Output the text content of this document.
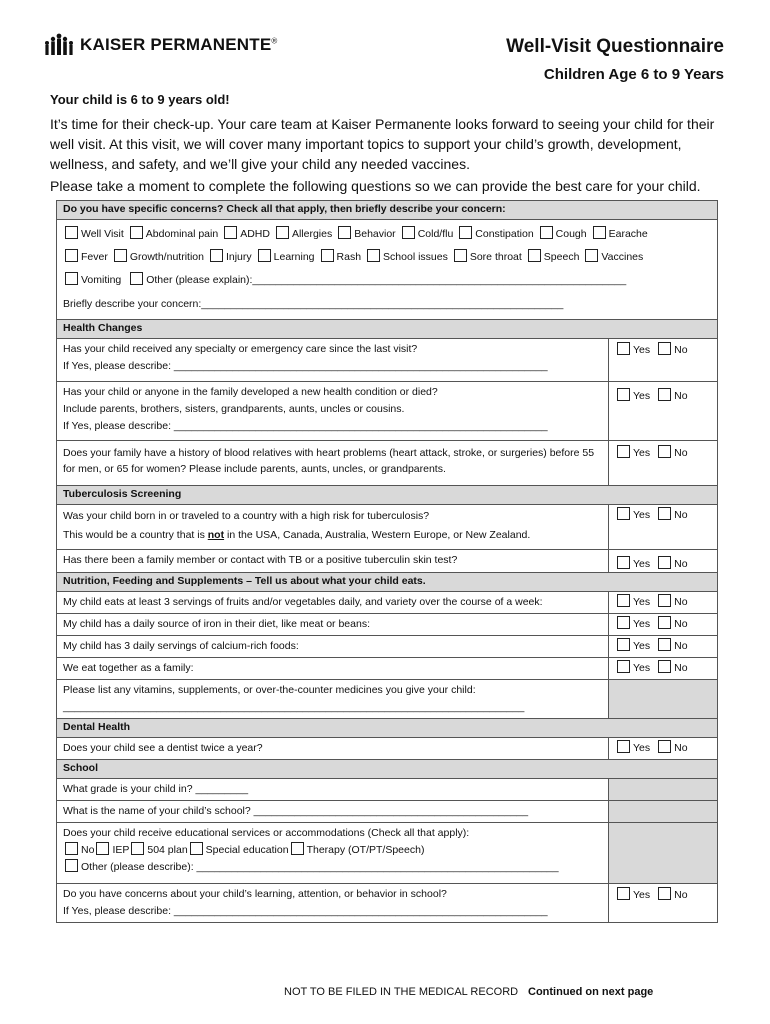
KAISER PERMANENTE®	Well-Visit Questionnaire
Children Age 6 to 9 Years
Your child is 6 to 9 years old!
It’s time for their check-up. Your care team at Kaiser Permanente looks forward to seeing your child for their well visit. At this visit, we will cover many important topics to support your child’s growth, development, wellness, and safety, and we’ll give your child any needed vaccines.
Please take a moment to complete the following questions so we can provide the best care for your child.
Do you have specific concerns? Check all that apply, then briefly describe your concern:	

Well Visit Abdominal pain ADHD Allergies Behavior Cold/flu Constipation Cough Earache
Fever Growth/nutrition Injury Learning Rash School issues Sore throat Speech Vaccines
Vomiting Other (please explain):________________________________________________________________
Briefly describe your concern:______________________________________________________________	

Health Changes	

Has your child received any specialty or emergency care since the last visit?
If Yes, please describe: ________________________________________________________________	Yes No

Has your child or anyone in the family developed a new health condition or died?
Include parents, brothers, sisters, grandparents, aunts, uncles or cousins.
If Yes, please describe: ________________________________________________________________	Yes No

Does your family have a history of blood relatives with heart problems (heart attack, stroke, or surgeries) before 55 for men, or 65 for women? Please include parents, aunts, uncles, or grandparents.	Yes No
Tuberculosis Screening	

Was your child born in or traveled to a country with a high risk for tuberculosis?
This would be a country that is not in the USA, Canada, Australia, Western Europe, or New Zealand.	Yes No

Has there been a family member or contact with TB or a positive tuberculin skin test?	Yes No
Nutrition, Feeding and Supplements – Tell us about what your child eats.	

My child eats at least 3 servings of fruits and/or vegetables daily, and variety over the course of a week:	Yes No

My child has a daily source of iron in their diet, like meat or beans:	Yes No

My child has 3 daily servings of calcium-rich foods:	Yes No

We eat together as a family:	Yes No

Please list any vitamins, supplements, or over-the-counter medicines you give your child:
_______________________________________________________________________________	

Dental Health	

Does your child see a dentist twice a year?	Yes No
School	

What grade is your child in? _________	

What is the name of your child’s school? _______________________________________________	

Does your child receive educational services or accommodations (Check all that apply):
No IEP 504 plan Special education Therapy (OT/PT/Speech)
Other (please describe): ______________________________________________________________	

Do you have concerns about your child’s learning, attention, or behavior in school?
If Yes, please describe: ________________________________________________________________	Yes No
NOT TO BE FILED IN THE MEDICAL RECORD Continued on next page
